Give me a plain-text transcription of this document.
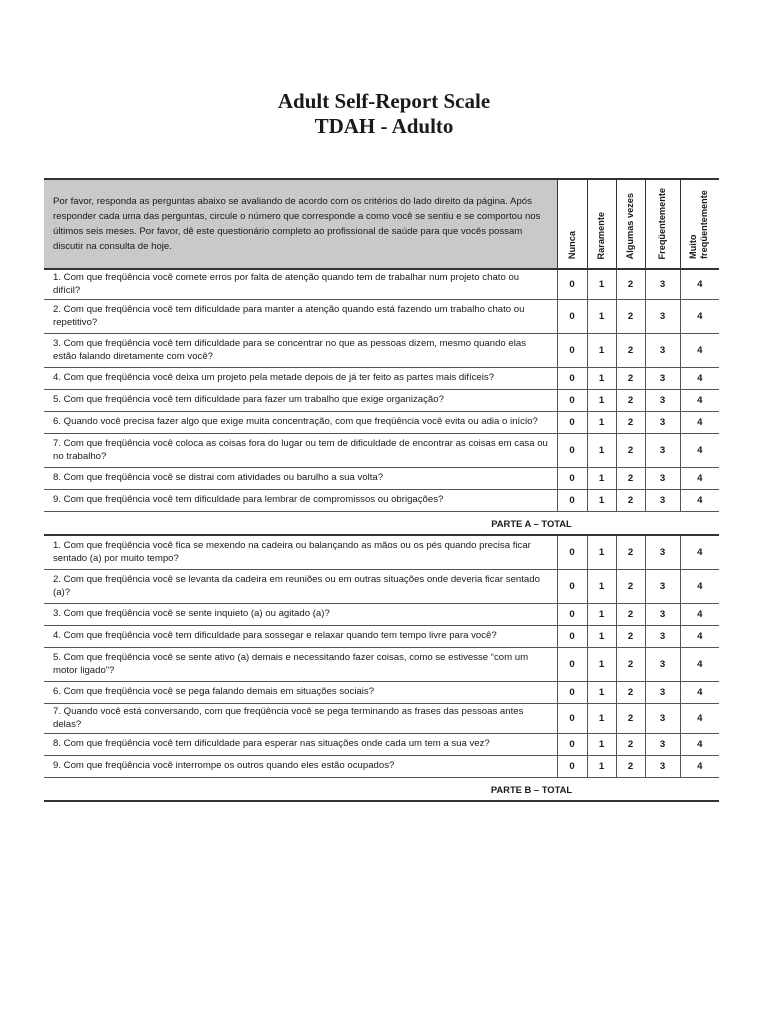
Adult Self-Report Scale
TDAH - Adulto
Por favor, responda as perguntas abaixo se avaliando de acordo com os critérios do lado direito da página. Após responder cada uma das perguntas, circule o número que corresponde a como você se sentiu e se comportou nos últimos seis meses. Por favor, dê este questionário completo ao profissional de saúde para que vocês possam discutir na consulta de hoje.	Nunca	Raramente	Algumas vezes	Freqüentemente	Muito freqüentemente
1. Com que freqüência você comete erros por falta de atenção quando tem de trabalhar num projeto chato ou difícil?	0	1	2	3	4
2. Com que freqüência você tem dificuldade para manter a atenção quando está fazendo um trabalho chato ou repetitivo?	0	1	2	3	4
3. Com que freqüência você tem dificuldade para se concentrar no que as pessoas dizem, mesmo quando elas estão falando diretamente com você?	0	1	2	3	4
4. Com que freqüência você deixa um projeto pela metade depois de já ter feito as partes mais difíceis?	0	1	2	3	4
5. Com que freqüência você tem dificuldade para fazer um trabalho que exige organização?	0	1	2	3	4
6. Quando você precisa fazer algo que exige muita concentração, com que freqüência você evita ou adia o início?	0	1	2	3	4
7. Com que freqüência você coloca as coisas fora do lugar ou tem de dificuldade de encontrar as coisas em casa ou no trabalho?	0	1	2	3	4
8. Com que freqüência você se distrai com atividades ou barulho a sua volta?	0	1	2	3	4
9. Com que freqüência você tem dificuldade para lembrar de compromissos ou obrigações?	0	1	2	3	4
PARTE A – TOTAL					
1. Com que freqüência você fica se mexendo na cadeira ou balançando as mãos ou os pés quando precisa ficar sentado (a) por muito tempo?	0	1	2	3	4
2. Com que freqüência você se levanta da cadeira em reuniões ou em outras situações onde deveria ficar sentado (a)?	0	1	2	3	4
3. Com que freqüência você se sente inquieto (a) ou agitado (a)?	0	1	2	3	4
4. Com que freqüência você tem dificuldade para sossegar e relaxar quando tem tempo livre para você?	0	1	2	3	4
5. Com que freqüência você se sente ativo (a) demais e necessitando fazer coisas, como se estivesse “com um motor ligado”?	0	1	2	3	4
6. Com que freqüência você se pega falando demais em situações sociais?	0	1	2	3	4
7. Quando você está conversando, com que freqüência você se pega terminando as frases das pessoas antes delas?	0	1	2	3	4
8. Com que freqüência você tem dificuldade para esperar nas situações onde cada um tem a sua vez?	0	1	2	3	4
9. Com que freqüência você interrompe os outros quando eles estão ocupados?	0	1	2	3	4
PARTE B – TOTAL					
